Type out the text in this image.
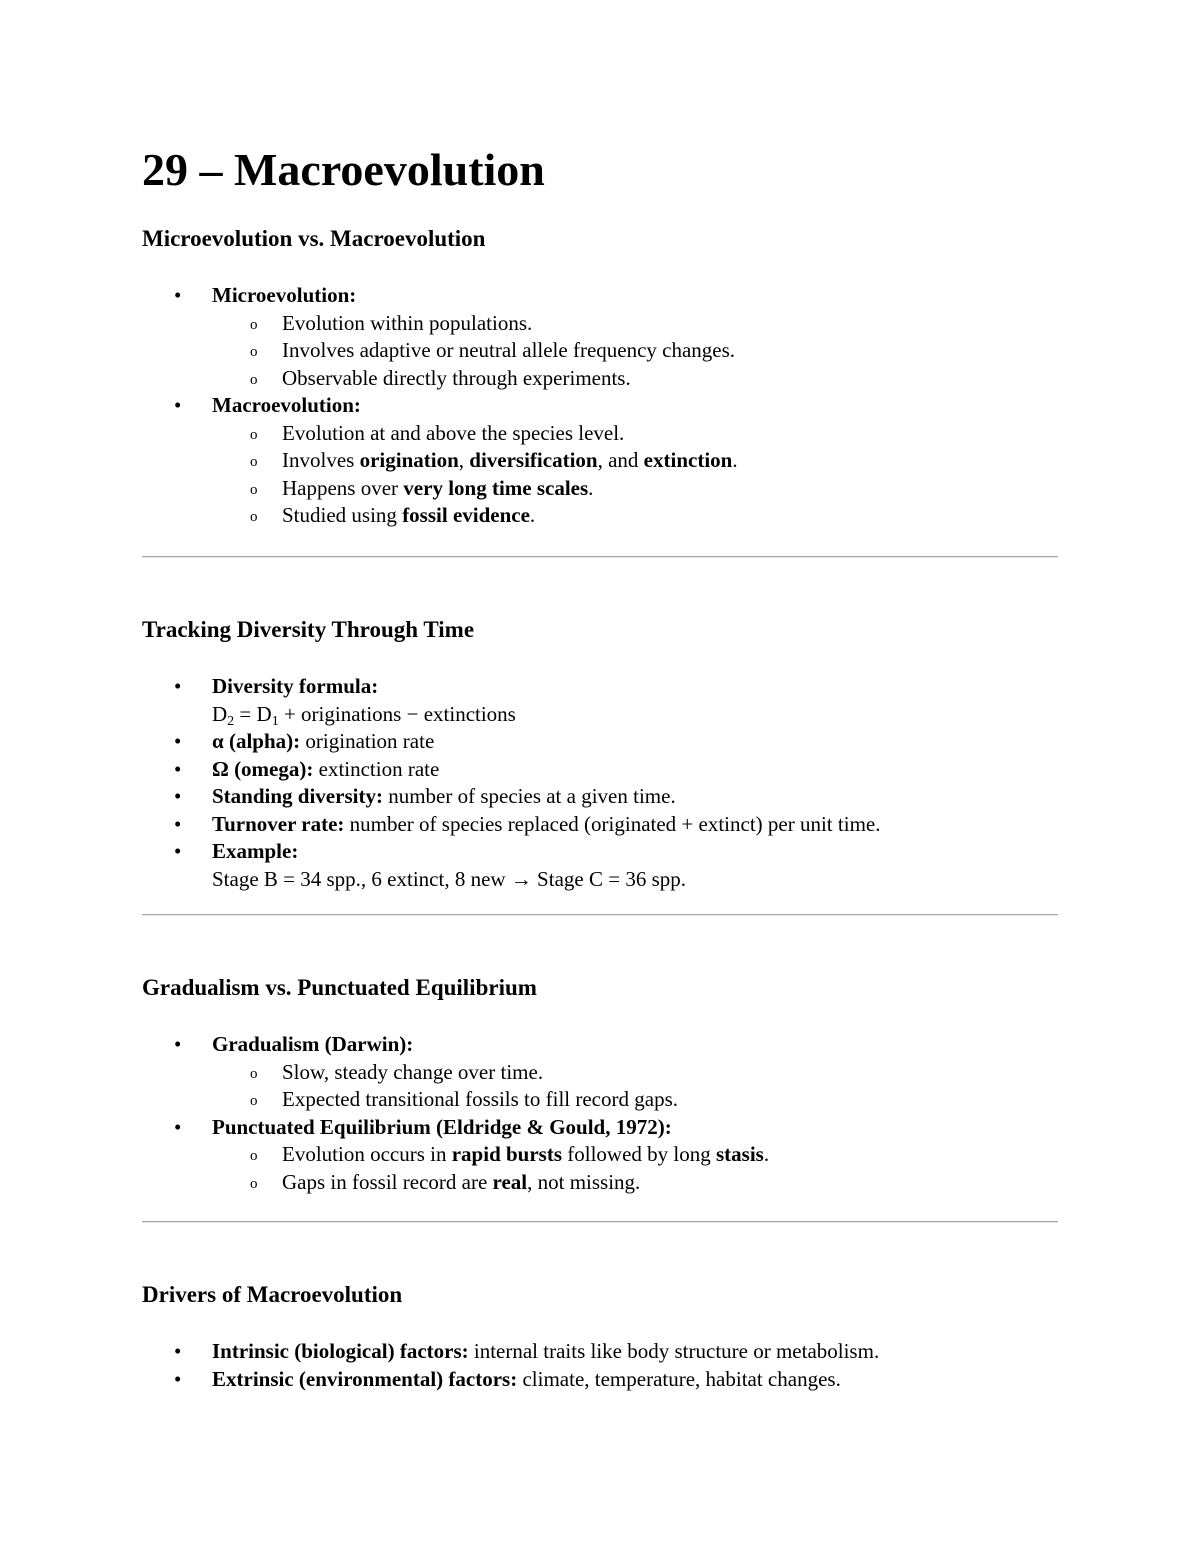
29 – Macroevolution
Microevolution vs. Macroevolution
• Microevolution:
o Evolution within populations.
o Involves adaptive or neutral allele frequency changes.
o Observable directly through experiments.
• Macroevolution:
o Evolution at and above the species level.
o Involves origination, diversification, and extinction.
o Happens over very long time scales.
o Studied using fossil evidence.
Tracking Diversity Through Time
• Diversity formula:
$D_2 = D_1$ + originations − extinctions
• α (alpha): origination rate
• Ω (omega): extinction rate
• Standing diversity: number of species at a given time.
• Turnover rate: number of species replaced (originated + extinct) per unit time.
• Example:
Stage B = 34 spp., 6 extinct, 8 new → Stage C = 36 spp.
Gradualism vs. Punctuated Equilibrium
• Gradualism (Darwin):
o Slow, steady change over time.
o Expected transitional fossils to fill record gaps.
• Punctuated Equilibrium (Eldridge & Gould, 1972):
o Evolution occurs in rapid bursts followed by long stasis.
o Gaps in fossil record are real, not missing.
Drivers of Macroevolution
• Intrinsic (biological) factors: internal traits like body structure or metabolism.
• Extrinsic (environmental) factors: climate, temperature, habitat changes.
